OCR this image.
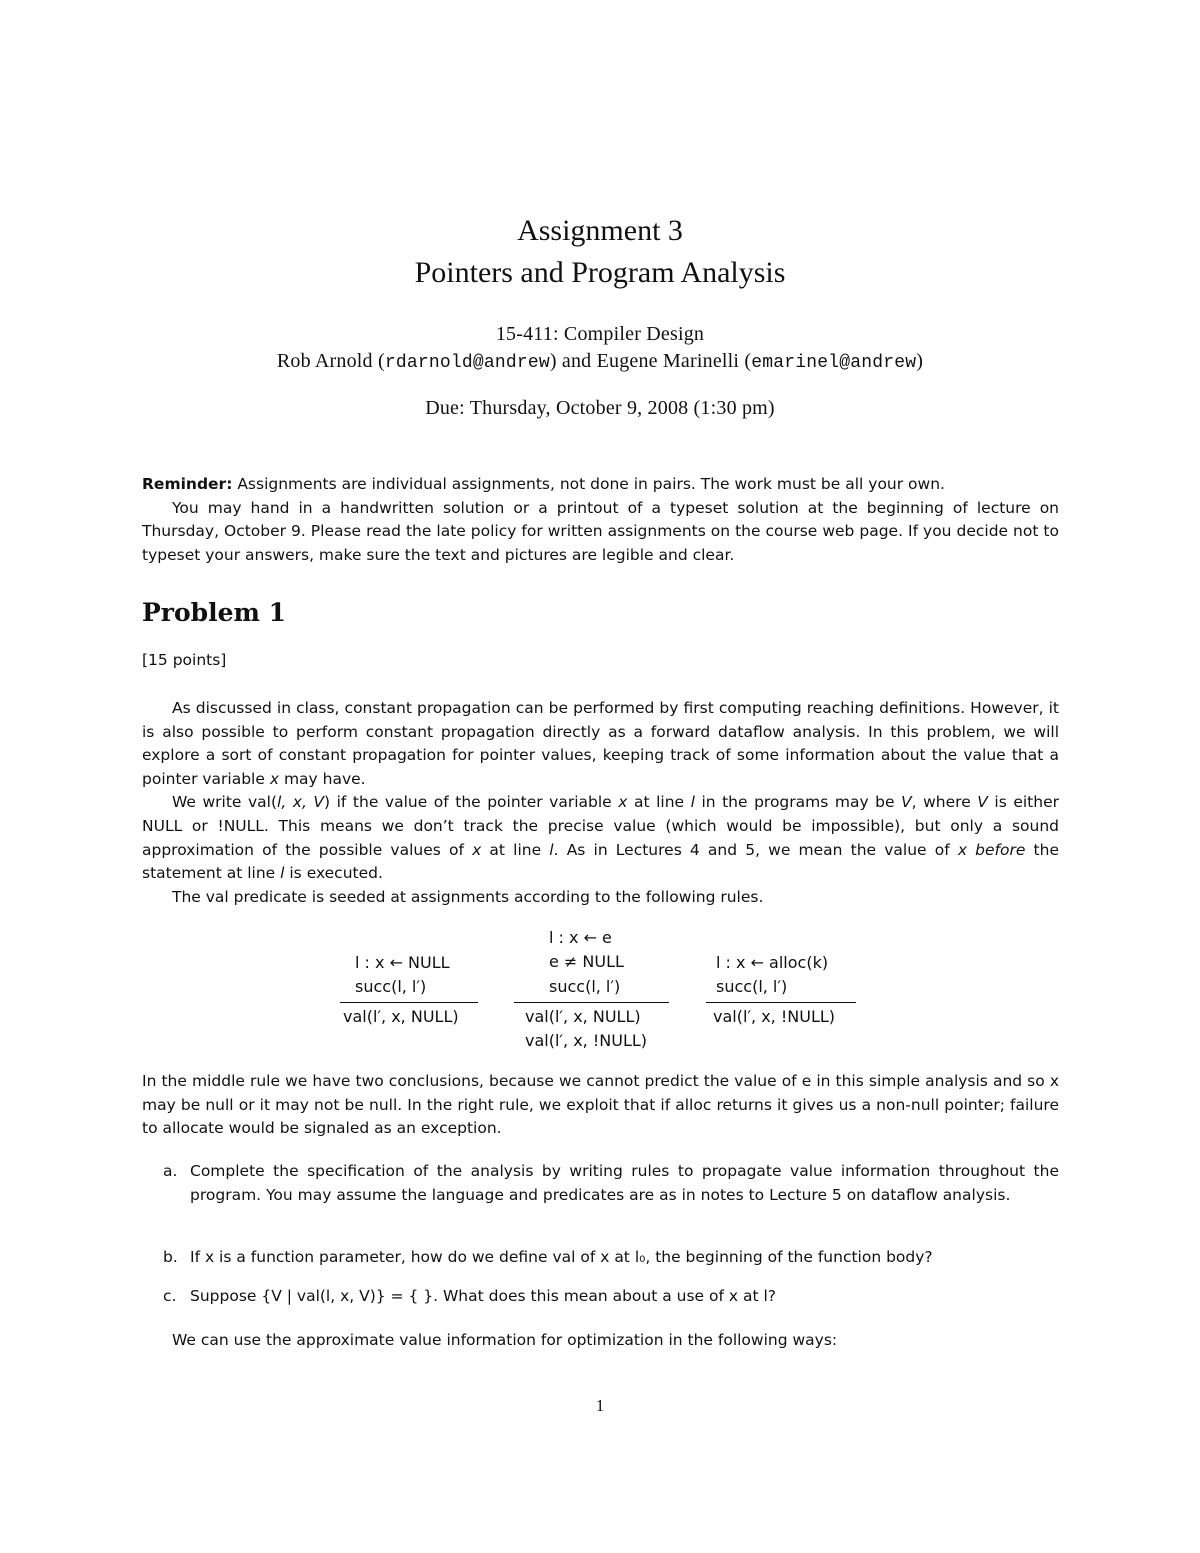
Assignment 3
Pointers and Program Analysis
15-411: Compiler Design
Rob Arnold (rdarnold@andrew) and Eugene Marinelli (emarinel@andrew)
Due: Thursday, October 9, 2008 (1:30 pm)

Reminder: Assignments are individual assignments, not done in pairs. The work must be all your own.

You may hand in a handwritten solution or a printout of a typeset solution at the beginning of lecture on Thursday, October 9. Please read the late policy for written assignments on the course web page. If you decide not to typeset your answers, make sure the text and pictures are legible and clear.

Problem 1
[15 points]

As discussed in class, constant propagation can be performed by first computing reaching definitions. However, it is also possible to perform constant propagation directly as a forward dataflow analysis. In this problem, we will explore a sort of constant propagation for pointer values, keeping track of some information about the value that a pointer variable x may have.

We write val(l, x, V) if the value of the pointer variable x at line l in the programs may be V, where V is either NULL or !NULL. This means we don’t track the precise value (which would be impossible), but only a sound approximation of the possible values of x at line l. As in Lectures 4 and 5, we mean the value of x before the statement at line l is executed.

The val predicate is seeded at assignments according to the following rules.

l : x ← NULL
succ(l, l′)
val(l′, x, NULL)
l : x ← e
e ≠ NULL
succ(l, l′)
val(l′, x, NULL)
val(l′, x, !NULL)
l : x ← alloc(k)
succ(l, l′)
val(l′, x, !NULL)
In the middle rule we have two conclusions, because we cannot predict the value of e in this simple analysis and so x may be null or it may not be null. In the right rule, we exploit that if alloc returns it gives us a non-null pointer; failure to allocate would be signaled as an exception.
a. Complete the specification of the analysis by writing rules to propagate value information throughout the program. You may assume the language and predicates are as in notes to Lecture 5 on dataflow analysis.
b. If x is a function parameter, how do we define val of x at l₀, the beginning of the function body?
c. Suppose {V | val(l, x, V)} = { }. What does this mean about a use of x at l?

We can use the approximate value information for optimization in the following ways:

1
